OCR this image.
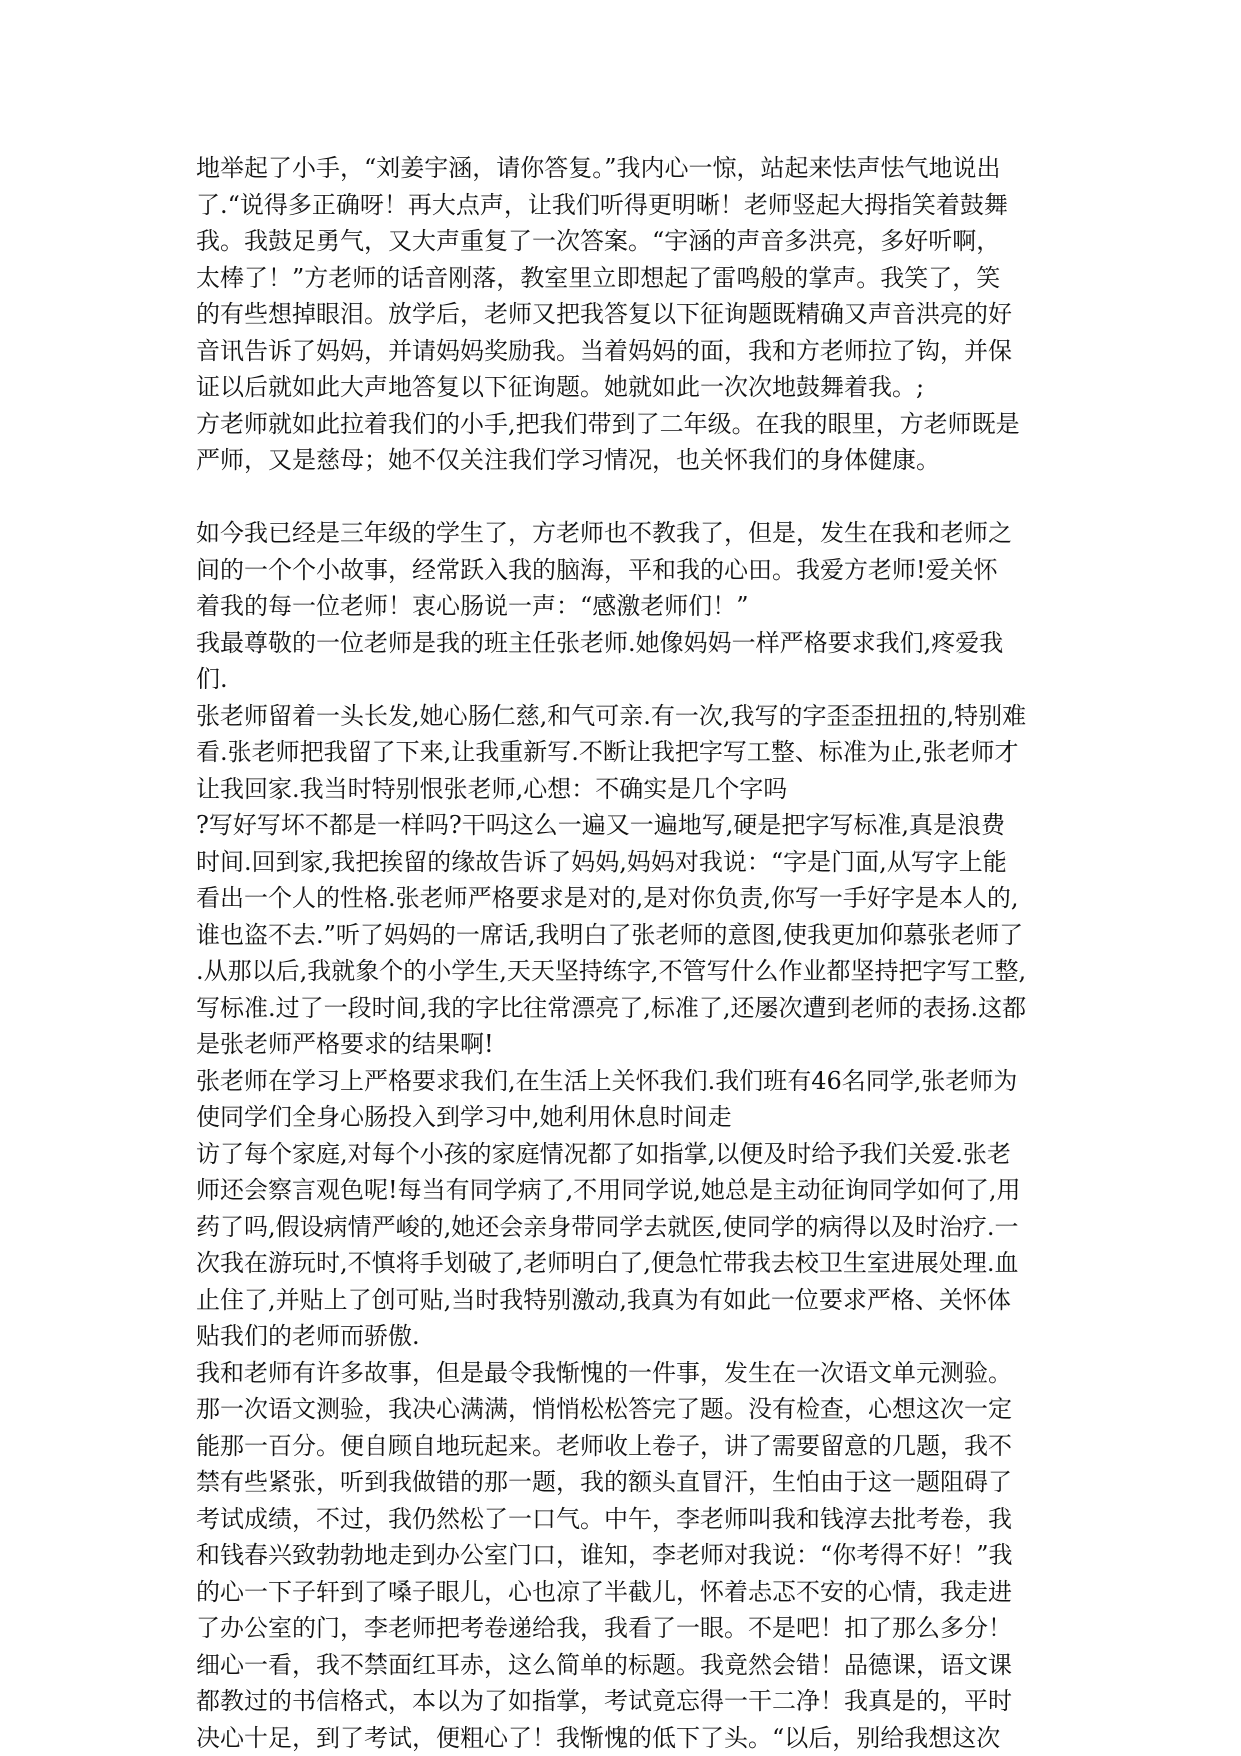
地举起了小手，“刘姜宇涵，请你答复。”我内心一惊，站起来怯声怯气地说出
了.“说得多正确呀！再大点声，让我们听得更明晰！老师竖起大拇指笑着鼓舞
我。我鼓足勇气，又大声重复了一次答案。“宇涵的声音多洪亮，多好听啊，
太棒了！”方老师的话音刚落，教室里立即想起了雷鸣般的掌声。我笑了，笑
的有些想掉眼泪。放学后，老师又把我答复以下征询题既精确又声音洪亮的好
音讯告诉了妈妈，并请妈妈奖励我。当着妈妈的面，我和方老师拉了钩，并保
证以后就如此大声地答复以下征询题。她就如此一次次地鼓舞着我。;
方老师就如此拉着我们的小手,把我们带到了二年级。在我的眼里，方老师既是
严师，又是慈母；她不仅关注我们学习情况，也关怀我们的身体健康。
如今我已经是三年级的学生了，方老师也不教我了，但是，发生在我和老师之
间的一个个小故事，经常跃入我的脑海，平和我的心田。我爱方老师!爱关怀
着我的每一位老师！衷心肠说一声：“感激老师们！”
我最尊敬的一位老师是我的班主任张老师.她像妈妈一样严格要求我们,疼爱我
们.
张老师留着一头长发,她心肠仁慈,和气可亲.有一次,我写的字歪歪扭扭的,特别难
看.张老师把我留了下来,让我重新写.不断让我把字写工整、标准为止,张老师才
让我回家.我当时特别恨张老师,心想：不确实是几个字吗
?写好写坏不都是一样吗?干吗这么一遍又一遍地写,硬是把字写标准,真是浪费
时间.回到家,我把挨留的缘故告诉了妈妈,妈妈对我说：“字是门面,从写字上能
看出一个人的性格.张老师严格要求是对的,是对你负责,你写一手好字是本人的,
谁也盗不去.”听了妈妈的一席话,我明白了张老师的意图,使我更加仰慕张老师了
.从那以后,我就象个的小学生,天天坚持练字,不管写什么作业都坚持把字写工整,
写标准.过了一段时间,我的字比往常漂亮了,标准了,还屡次遭到老师的表扬.这都
是张老师严格要求的结果啊!
张老师在学习上严格要求我们,在生活上关怀我们.我们班有46名同学,张老师为
使同学们全身心肠投入到学习中,她利用休息时间走
访了每个家庭,对每个小孩的家庭情况都了如指掌,以便及时给予我们关爱.张老
师还会察言观色呢!每当有同学病了,不用同学说,她总是主动征询同学如何了,用
药了吗,假设病情严峻的,她还会亲身带同学去就医,使同学的病得以及时治疗.一
次我在游玩时,不慎将手划破了,老师明白了,便急忙带我去校卫生室进展处理.血
止住了,并贴上了创可贴,当时我特别激动,我真为有如此一位要求严格、关怀体
贴我们的老师而骄傲.
我和老师有许多故事，但是最令我惭愧的一件事，发生在一次语文单元测验。
那一次语文测验，我决心满满，悄悄松松答完了题。没有检查，心想这次一定
能那一百分。便自顾自地玩起来。老师收上卷子，讲了需要留意的几题，我不
禁有些紧张，听到我做错的那一题，我的额头直冒汗，生怕由于这一题阻碍了
考试成绩，不过，我仍然松了一口气。中午，李老师叫我和钱淳去批考卷，我
和钱春兴致勃勃地走到办公室门口，谁知，李老师对我说：“你考得不好！”我
的心一下子轩到了嗓子眼儿，心也凉了半截儿，怀着忐忑不安的心情，我走进
了办公室的门，李老师把考卷递给我，我看了一眼。不是吧！扣了那么多分！
细心一看，我不禁面红耳赤，这么简单的标题。我竟然会错！品德课，语文课
都教过的书信格式，本以为了如指掌，考试竟忘得一干二净！我真是的，平时
决心十足，到了考试，便粗心了！我惭愧的低下了头。“以后，别给我想这次
